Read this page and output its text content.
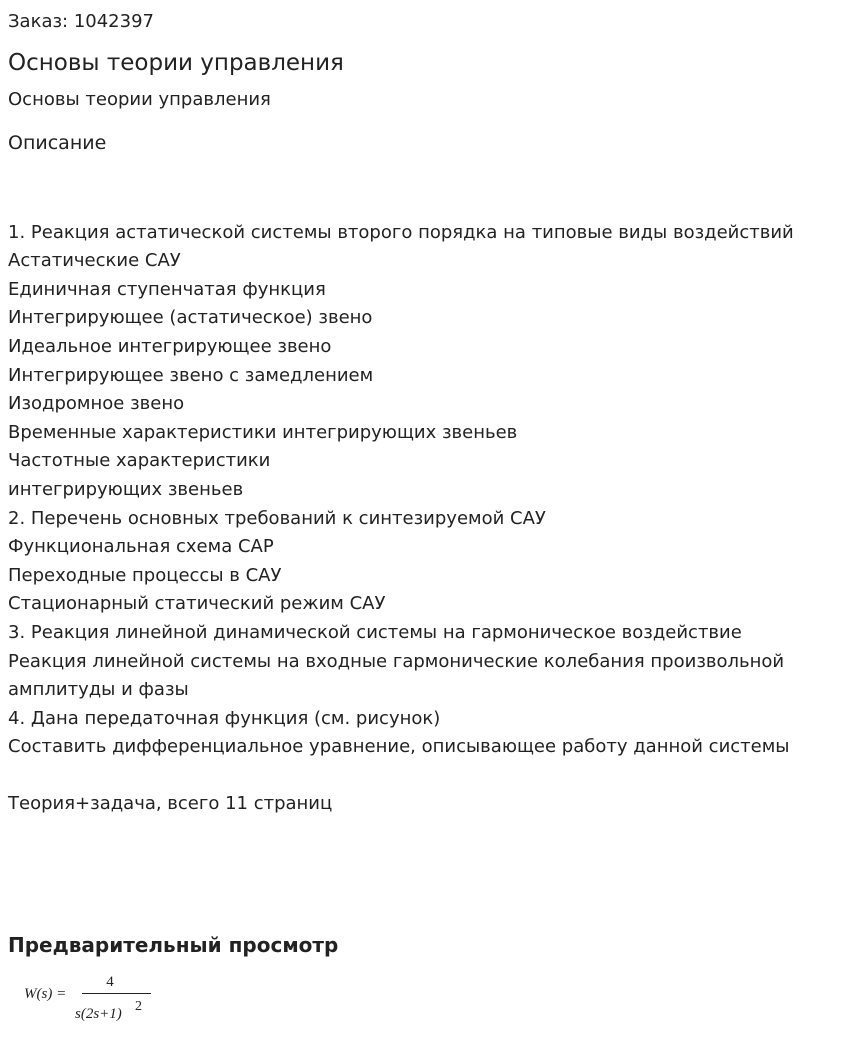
Заказ: 1042397
Основы теории управления
Основы теории управления
Описание
1. Реакция астатической системы второго порядка на типовые виды воздействий
Астатические САУ
Единичная ступенчатая функция
Интегрирующее (астатическое) звено
Идеальное интегрирующее звено
Интегрирующее звено с замедлением
Изодромное звено
Временные характеристики интегрирующих звеньев
Частотные характеристики
интегрирующих звеньев
2. Перечень основных требований к синтезируемой САУ
Функциональная схема САР
Переходные процессы в САУ
Стационарный статический режим САУ
3. Реакция линейной динамической системы на гармоническое воздействие
Реакция линейной системы на входные гармонические колебания произвольной
амплитуды и фазы
4. Дана передаточная функция (см. рисунок)
Составить дифференциальное уравнение, описывающее работу данной системы
Теория+задача, всего 11 страниц
Предварительный просмотр
W(s) =
4
s(2s+1) 2
